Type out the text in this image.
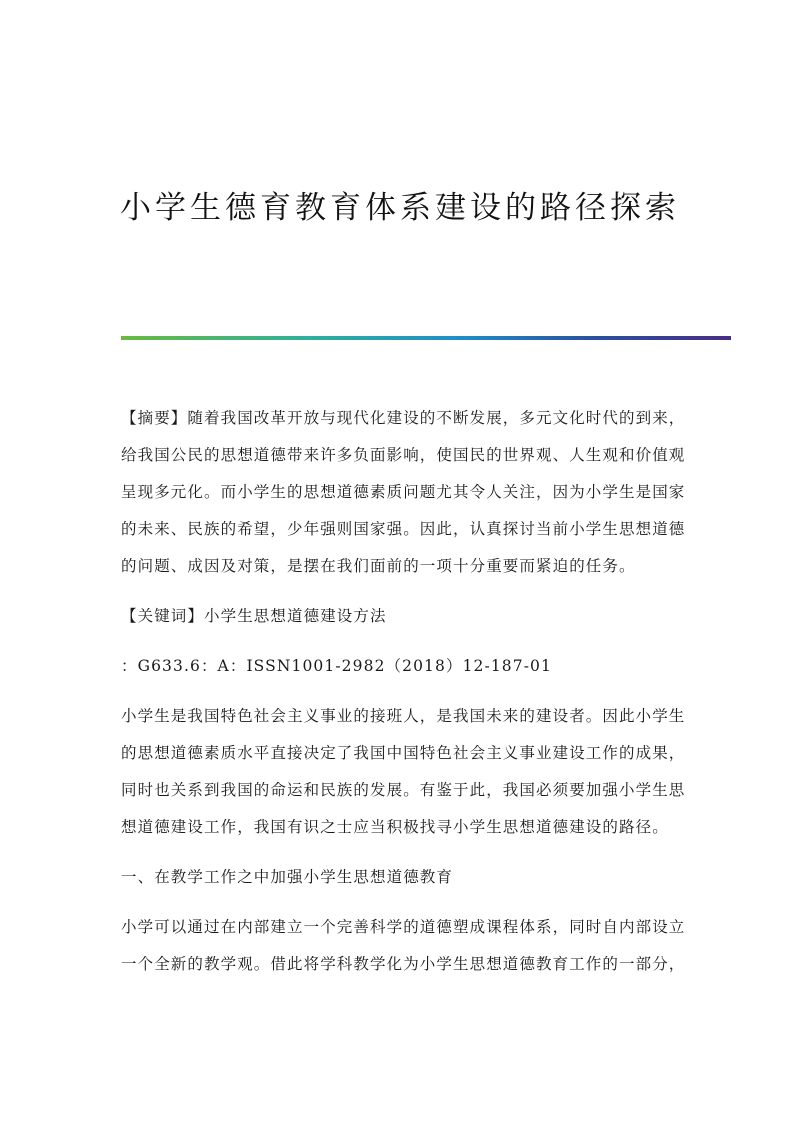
小学生德育教育体系建设的路径探索
【摘要】随着我国改革开放与现代化建设的不断发展，多元文化时代的到来，
给我国公民的思想道德带来许多负面影响，使国民的世界观、人生观和价值观
呈现多元化。而小学生的思想道德素质问题尤其令人关注，因为小学生是国家
的未来、民族的希望，少年强则国家强。因此，认真探讨当前小学生思想道德
的问题、成因及对策，是摆在我们面前的一项十分重要而紧迫的任务。
【关键词】小学生思想道德建设方法
：G633.6：A：ISSN1001-2982（2018）12-187-01
小学生是我国特色社会主义事业的接班人，是我国未来的建设者。因此小学生
的思想道德素质水平直接决定了我国中国特色社会主义事业建设工作的成果，
同时也关系到我国的命运和民族的发展。有鉴于此，我国必须要加强小学生思
想道德建设工作，我国有识之士应当积极找寻小学生思想道德建设的路径。
一、在教学工作之中加强小学生思想道德教育
小学可以通过在内部建立一个完善科学的道德塑成课程体系，同时自内部设立
一个全新的教学观。借此将学科教学化为小学生思想道德教育工作的一部分，
